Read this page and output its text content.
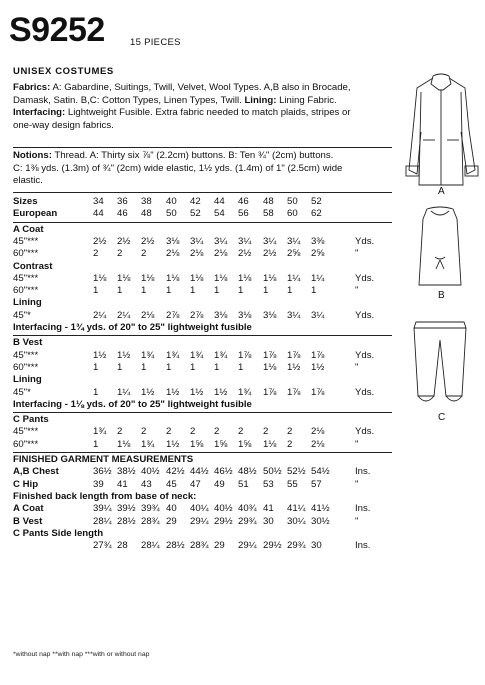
S9252	15 PIECES
UNISEX COSTUMES
Fabrics: A: Gabardine, Suitings, Twill, Velvet, Wool Types. A,B also in Brocade,
Damask, Satin. B,C: Cotton Types, Linen Types, Twill. Lining: Lining Fabric.
Interfacing: Lightweight Fusible. Extra fabric needed to match plaids, stripes or
one-way design fabrics.
Notions: Thread. A: Thirty six ⅞" (2.2cm) buttons. B: Ten ¾" (2cm) buttons.
C: 1⅜ yds. (1.3m) of ¾" (2cm) wide elastic, 1½ yds. (1.4m) of 1" (2.5cm) wide
elastic.
Sizes	34 36 38 40 42 44 46 48 50 52
European	44 46 48 50 52 54 56 58 60 62
A Coat
45"***	2½ 2½ 2½ 3⅛ 3¼ 3¼ 3¼ 3¼ 3¼ 3⅜	Yds.
60"***	2 2 2 2⅛ 2⅛ 2⅛ 2½ 2½ 2⅝ 2⅝	"
Contrast
45"***	1⅛ 1⅛ 1⅛ 1⅛ 1⅛ 1⅛ 1⅛ 1⅛ 1¼ 1¼	Yds.
60"***	1 1 1 1 1 1 1 1 1 1	"
Lining
45"*	2¼ 2¼ 2⅛ 2⅞ 2⅞ 3⅛ 3⅛ 3⅛ 3¼ 3¼	Yds.
Interfacing - 1¾ yds. of 20" to 25" lightweight fusible
B Vest
45"***	1½ 1½ 1¾ 1¾ 1¾ 1¾ 1⅞ 1⅞ 1⅞ 1⅞	Yds.
60"***	1 1 1 1 1 1 1 1⅛ 1½ 1½	"
Lining
45"*	1 1¼ 1½ 1½ 1½ 1½ 1¾ 1⅞ 1⅞ 1⅞	Yds.
Interfacing - 1⅛ yds. of 20" to 25" lightweight fusible
C Pants
45"***	1¾ 2 2 2 2 2 2 2 2 2⅛	Yds.
60"***	1 1⅛ 1¾ 1½ 1⅝ 1⅝ 1⅝ 1⅛ 2 2⅛	"
FINISHED GARMENT MEASUREMENTS
A,B Chest	36½ 38½ 40½ 42½ 44½ 46½ 48½ 50½ 52½ 54½	Ins.
C Hip	39 41 43 45 47 49 51 53 55 57	"
Finished back length from base of neck:
A Coat	39¼ 39½ 39¾ 40 40¼ 40½ 40¾ 41 41¼ 41½	Ins.
B Vest	28¼ 28½ 28¾ 29 29¼ 29½ 29¾ 30 30¼ 30½	"
C Pants Side length
27¾ 28 28¼ 28½ 28¾ 29 29¼ 29½ 29¾ 30	Ins.
A
B
C
*without nap **with nap ***with or without nap
